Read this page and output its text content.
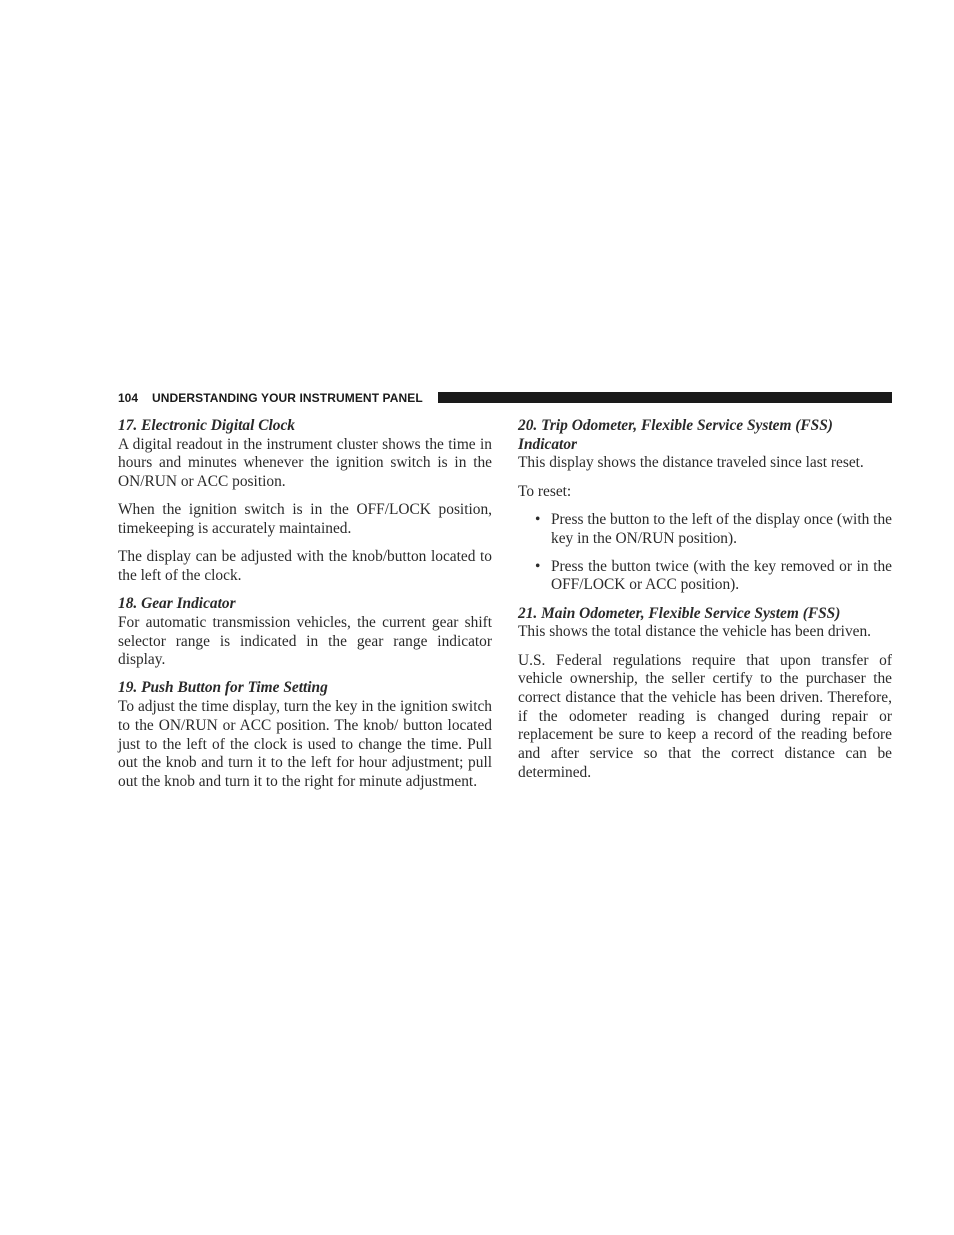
104 UNDERSTANDING YOUR INSTRUMENT PANEL
17. Electronic Digital Clock

A digital readout in the instrument cluster shows the time in hours and minutes whenever the ignition switch is in the ON/RUN or ACC position.

When the ignition switch is in the OFF/LOCK position, timekeeping is accurately maintained.

The display can be adjusted with the knob/button located to the left of the clock.

18. Gear Indicator

For automatic transmission vehicles, the current gear shift selector range is indicated in the gear range indicator display.

19. Push Button for Time Setting

To adjust the time display, turn the key in the ignition switch to the ON/RUN or ACC position. The knob/ button located just to the left of the clock is used to change the time. Pull out the knob and turn it to the left for hour adjustment; pull out the knob and turn it to the right for minute adjustment.

20. Trip Odometer, Flexible Service System (FSS)
Indicator

This display shows the distance traveled since last reset.

To reset:

• Press the button to the left of the display once (with the key in the ON/RUN position).
• Press the button twice (with the key removed or in the OFF/LOCK or ACC position).
21. Main Odometer, Flexible Service System (FSS)

This shows the total distance the vehicle has been driven.

U.S. Federal regulations require that upon transfer of vehicle ownership, the seller certify to the purchaser the correct distance that the vehicle has been driven. Therefore, if the odometer reading is changed during repair or replacement be sure to keep a record of the reading before and after service so that the correct distance can be determined.
